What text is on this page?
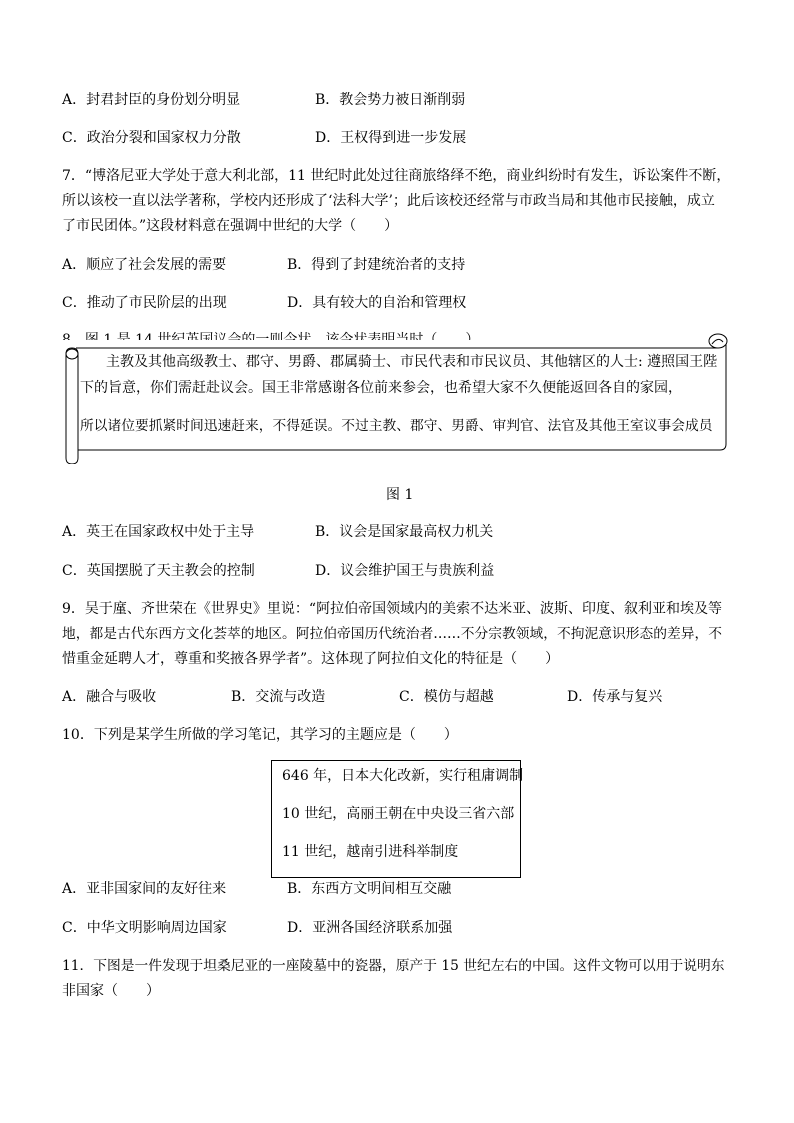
A．封君封臣的身份划分明显	B．教会势力被日渐削弱
C．政治分裂和国家权力分散	D．王权得到进一步发展
7．“博洛尼亚大学处于意大利北部，11 世纪时此处过往商旅络绎不绝，商业纠纷时有发生，诉讼案件不断，
所以该校一直以法学著称，学校内还形成了‘法科大学’；此后该校还经常与市政当局和其他市民接触，成立
了市民团体。”这段材料意在强调中世纪的大学（　　）
A．顺应了社会发展的需要	B．得到了封建统治者的支持
C．推动了市民阶层的出现	D．具有较大的自治和管理权
主教及其他高级教士、郡守、男爵、郡属骑士、市民代表和市民议员、其他辖区的人士: 遵照国王陛
下的旨意，你们需赶赴议会。国王非常感谢各位前来参会，也希望大家不久便能返回各自的家园，
所以诸位要抓紧时间迅速赶来，不得延误。不过主教、郡守、男爵、审判官、法官及其他王室议事会成员
图 1
A．英王在国家政权中处于主导	B．议会是国家最高权力机关
C．英国摆脱了天主教会的控制	D．议会维护国王与贵族利益
9．吴于廑、齐世荣在《世界史》里说：“阿拉伯帝国领域内的美索不达米亚、波斯、印度、叙利亚和埃及等
地，都是古代东西方文化荟萃的地区。阿拉伯帝国历代统治者……不分宗教领域，不拘泥意识形态的差异，不
惜重金延聘人才，尊重和奖掖各界学者”。这体现了阿拉伯文化的特征是（　　）
A．融合与吸收	B．交流与改造	C．模仿与超越	D．传承与复兴
10．下列是某学生所做的学习笔记，其学习的主题应是（　　）
646 年，日本大化改新，实行租庸调制
10 世纪，高丽王朝在中央设三省六部
11 世纪，越南引进科举制度
A．亚非国家间的友好往来	B．东西方文明间相互交融
C．中华文明影响周边国家	D．亚洲各国经济联系加强
11．下图是一件发现于坦桑尼亚的一座陵墓中的瓷器，原产于 15 世纪左右的中国。这件文物可以用于说明东
非国家（　　）
